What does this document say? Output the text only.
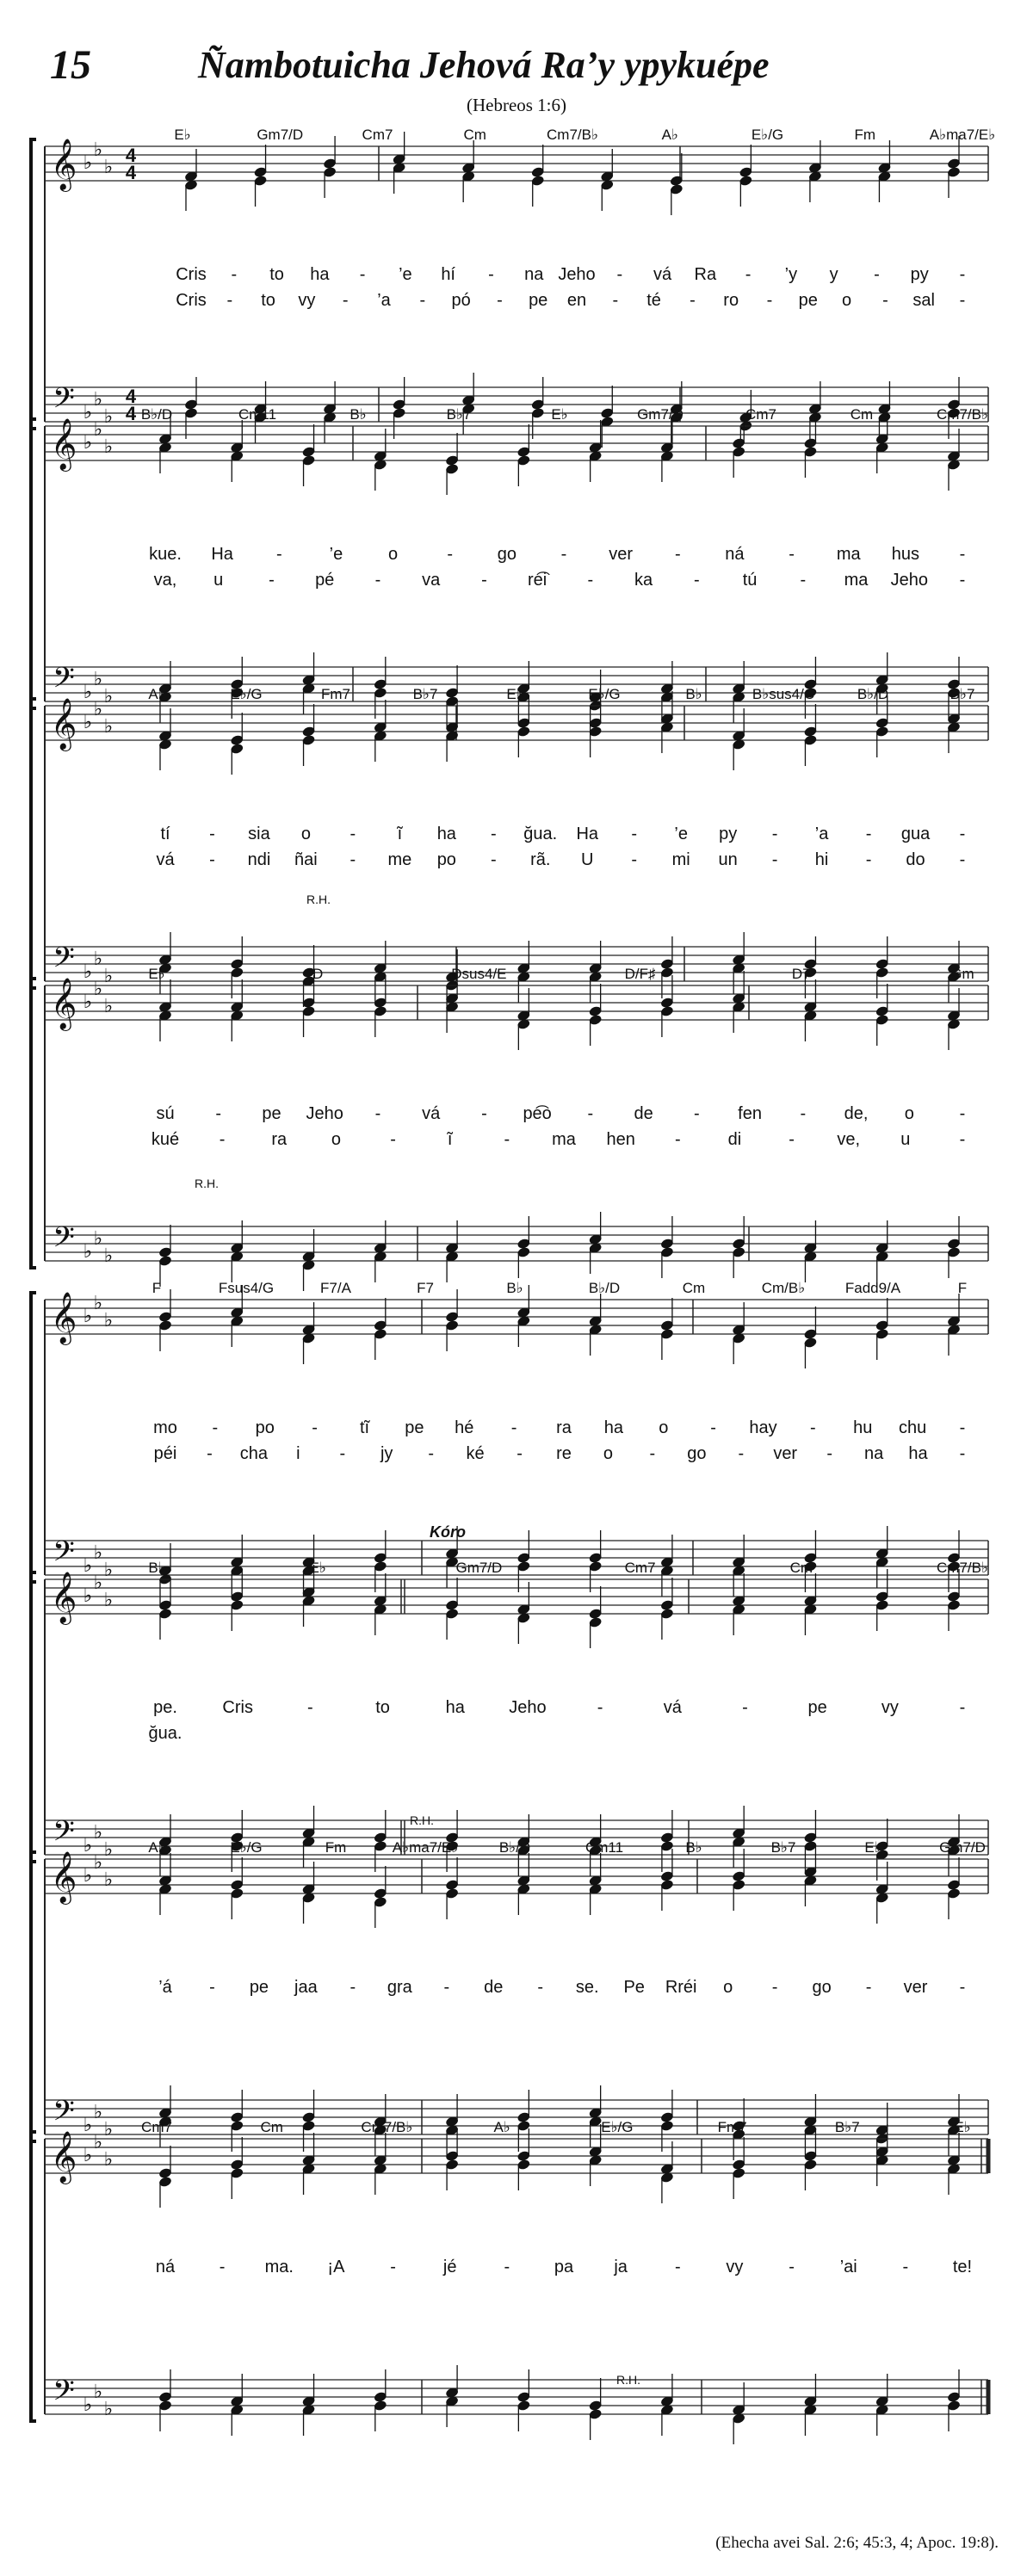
15	Ñambotuicha Jehová Ra’y ypykuépe
(Hebreos 1:6)
𝄞
𝄢
♭
♭
♭
♭
♭
♭
4
4
4
4
E♭	Gm7/D	Cm7	Cm	Cm7/B♭	A♭	E♭/G	Fm	A♭ma7/E♭
Cris - to ha - ’e hí - na Jeho - vá Ra - ’y y - py -
Cris - to vy - ’a - pó - pe en - té - ro - pe o - sal -
𝄞
𝄢
♭
♭
♭
♭
♭
♭
B♭/D	Cm11	B♭	B♭7	E♭	Gm7/D	Cm7	Cm	Cm7/B♭
kue. Ha	-	’e	o	-	go	- ver -	ná	- ma hus -
va, u	- pé - va - re͡i - ka -	tú	- ma Jeho -
𝄞
𝄢
♭
♭
♭
♭
♭
♭
A♭	E♭/G	Fm7	B♭7	E♭	E♭/G	B♭	B♭sus4/C	B♭/D	B♭7
tí - sia o - ĩ ha - ğua. Ha - ’e py - ’a - gua -
vá - ndi ñai - me po - rã. U - mi un - hi - do -
𝄞
𝄢
♭
♭
♭
♭
♭
♭
E♭	D	Dsus4/E	D/F♯	D7	Gm
sú - pe Jeho - vá - pe͡o - de - fen - de, o	-
kué -	ra	o	-	ĩ	- ma hen -	di	- ve, u	-
𝄞
𝄢
♭
♭
♭
♭
♭
♭
F	Fsus4/G	F7/A	F7	B♭	B♭/D	Cm	Cm/B♭	Fadd9/A	F
mo - po - tĩ pe hé - ra ha o - hay - hu chu -
péi - cha i - jy - ké - re o - go - ver - na ha -
𝄞
𝄢
♭
♭
♭
♭
♭
♭
B♭	E♭	Gm7/D	Cm7	Cm	Cm7/B♭
pe.	Cris	-	to	ha	Jeho	-	vá	-	pe	vy	-
ğua.
𝄞
𝄢
♭
♭
♭
♭
♭
♭
A♭	E♭/G	Fm	A♭ma7/E♭	B♭/D	Cm11	B♭	B♭7	E♭	Gm7/D
’á - pe jaa - gra - de - se. Pe Rréi o - go - ver -
𝄞
𝄢
♭
♭
♭
♭
♭
♭
Cm7	Cm	Cm7/B♭	A♭	E♭/G	Fm7	B♭7	E♭
ná	- ma. ¡A	-	jé	-	pa ja	-	vy	-	’ai	-	te!
R.H.
R.H.
R.H.
R.H.
Kóro
(Ehecha avei Sal. 2:6; 45:3, 4; Apoc. 19:8).
